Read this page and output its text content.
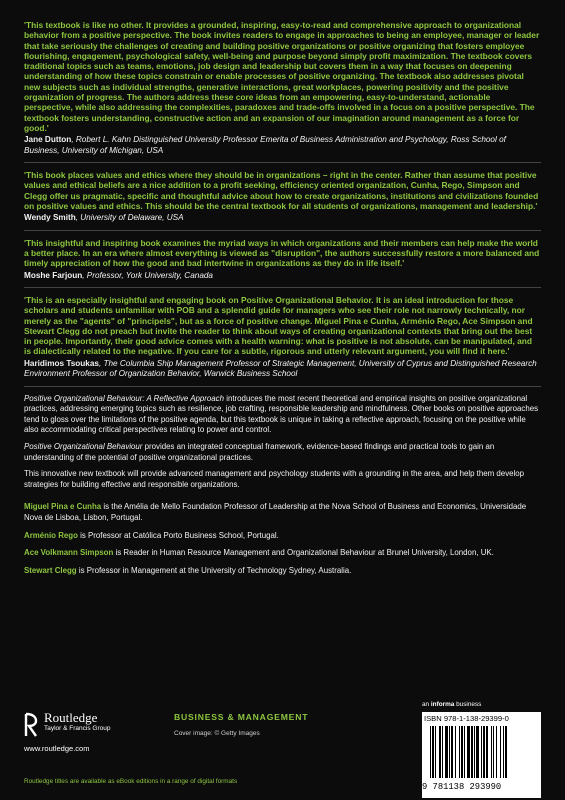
'This textbook is like no other. It provides a grounded, inspiring, easy-to-read and comprehensive approach to organizational behavior from a positive perspective. The book invites readers to engage in approaches to being an employee, manager or leader that take seriously the challenges of creating and building positive organizations or positive organizing that fosters employee flourishing, engagement, psychological safety, well-being and purpose beyond simply profit maximization. The textbook covers traditional topics such as teams, emotions, job design and leadership but covers them in a way that focuses on deepening understanding of how these topics constrain or enable processes of positive organizing. The textbook also addresses pivotal new subjects such as individual strengths, generative interactions, great workplaces, powering positivity and the positive organization of progress. The authors address these core ideas from an empowering, easy-to-understand, actionable perspective, while also addressing the complexities, paradoxes and trade-offs involved in a focus on a positive perspective. The textbook fosters understanding, constructive action and an expansion of our imagination around management as a force for good.'

Jane Dutton, Robert L. Kahn Distinguished University Professor Emerita of Business Administration and Psychology, Ross School of Business, University of Michigan, USA

'This book places values and ethics where they should be in organizations – right in the center. Rather than assume that positive values and ethical beliefs are a nice addition to a profit seeking, efficiency oriented organization, Cunha, Rego, Simpson and Clegg offer us pragmatic, specific and thoughtful advice about how to create organizations, institutions and civilizations founded on positive values and ethics. This should be the central textbook for all students of organizations, management and leadership.'

Wendy Smith, University of Delaware, USA

'This insightful and inspiring book examines the myriad ways in which organizations and their members can help make the world a better place. In an era where almost everything is viewed as "disruption", the authors successfully restore a more balanced and timely appreciation of how the good and bad intertwine in organizations as they do in life itself.'

Moshe Farjoun, Professor, York University, Canada

'This is an especially insightful and engaging book on Positive Organizational Behavior. It is an ideal introduction for those scholars and students unfamiliar with POB and a splendid guide for managers who see their role not narrowly technically, nor merely as the "agents" of "principels", but as a force of positive change. Miguel Pina e Cunha, Arménio Rego, Ace Simpson and Stewart Clegg do not preach but invite the reader to think about ways of creating organizational contexts that bring out the best in people. Importantly, their good advice comes with a health warning: what is positive is not absolute, can be manipulated, and is dialectically related to the negative. If you care for a subtle, rigorous and utterly relevant argument, you will find it here.'

Haridimos Tsoukas, The Columbia Ship Management Professor of Strategic Management, University of Cyprus and Distinguished Research Environment Professor of Organization Behavior, Warwick Business School

Positive Organizational Behaviour: A Reflective Approach introduces the most recent theoretical and empirical insights on positive organizational practices, addressing emerging topics such as resilience, job crafting, responsible leadership and mindfulness. Other books on positive approaches tend to gloss over the limitations of the positive agenda, but this textbook is unique in taking a reflective approach, focusing on the positive while also accommodating critical perspectives relating to power and control.

Positive Organizational Behaviour provides an integrated conceptual framework, evidence-based findings and practical tools to gain an understanding of the potential of positive organizational practices.

This innovative new textbook will provide advanced management and psychology students with a grounding in the area, and help them develop strategies for building effective and responsible organizations.

Miguel Pina e Cunha is the Amélia de Mello Foundation Professor of Leadership at the Nova School of Business and Economics, Universidade Nova de Lisboa, Lisbon, Portugal.

Arménio Rego is Professor at Católica Porto Business School, Portugal.

Ace Volkmann Simpson is Reader in Human Resource Management and Organizational Behaviour at Brunel University, London, UK.

Stewart Clegg is Professor in Management at the University of Technology Sydney, Australia.

Routledge
Taylor & Francis Group
www.routledge.com
BUSINESS & MANAGEMENT
Cover image: © Getty Images
Routledge titles are available as eBook editions in a range of digital formats
an informa business
ISBN 978-1-138-29399-0
9 781138 293990
